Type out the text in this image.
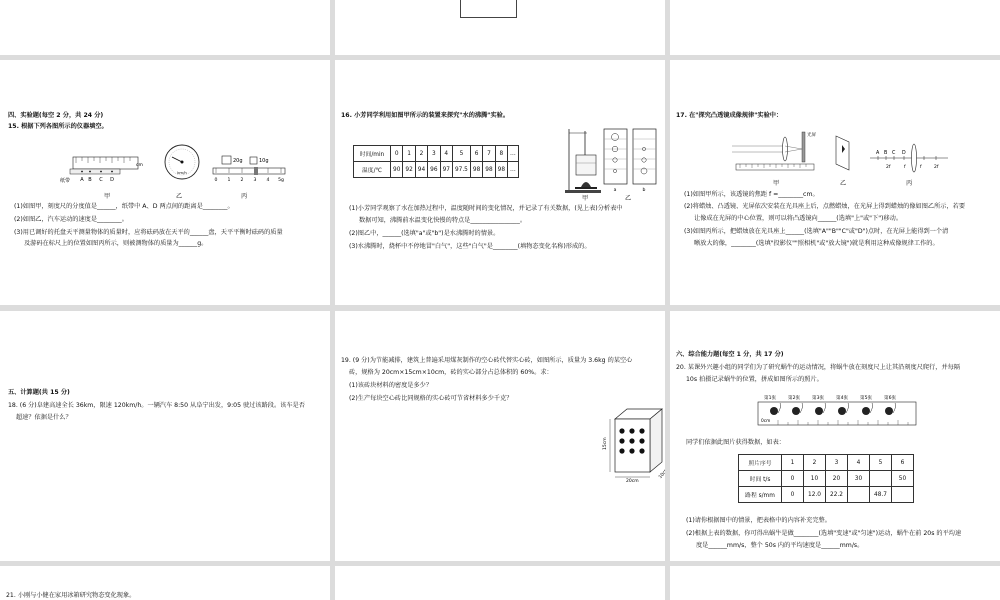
四、实验题(每空 2 分，共 24 分)
15. 根据下列各图所示的仪器填空。
A B C D
纸带
cm
km/h
20g	10g
0 1 2 3 4 5g
甲	乙	丙
(1)如图甲，刻度尺的分度值是______，纸带中 A、D 两点间的距离是________。
(2)如图乙，汽车运动的速度是________。
(3)用已调好的托盘天平测量物体的质量时，应将砝码放在天平的______盘，天平平衡时砝码的质量
及游码在标尺上的位置如图丙所示，则被测物体的质量为______g。
16. 小芳同学利用如图甲所示的装置来探究"水的沸腾"实验。
时间/min	0	1	2	3	4	5	6	7	8	…
温度/℃	90	92	94	96	97	97.5	98	98	98	…
a	b
甲	乙
(1)小芳同学观察了水在加热过程中，温度随时间的变化情况，并记录了有关数据，(见上表)分析表中
数据可知，沸腾前水温变化快慢的特点是________________。
(2)图乙中，______(选填"a"或"b")是水沸腾时的情景。
(3)水沸腾时，烧杯中不停地冒"白气"，这些"白气"是________(填物态变化名称)形成的。
17. 在"探究凸透镜成像规律"实验中：
光屏
A B C D
2f	f	f	2f
甲	乙	丙
(1)如图甲所示，该透镜的焦距 f =________cm。
(2)将蜡烛、凸透镜、光屏依次安装在光具座上后，点燃蜡烛，在光屏上得到蜡烛的像如图乙所示，若要
让像成在光屏的中心位置，则可以将凸透镜向______(选填"上"或"下")移动。
(3)如图丙所示，把蜡烛放在光具座上______(选填"A""B""C"或"D")点时，在光屏上能得到一个清
晰放大的像，________(选填"投影仪""照相机"或"放大镜")就是利用这种成像规律工作的。
五、计算题(共 15 分)
18. (6 分)阜建高速全长 36km，限速 120km/h。一辆汽车 8:50 从阜宁出发，9:05 驶过该路段。该车是否
超速？依据是什么？
19. (9 分)为节能减排，建筑上普遍采用煤灰制作的空心砖代替实心砖，如图所示，质量为 3.6kg 的某空心
砖，规格为 20cm×15cm×10cm，砖的实心部分占总体积的 60%。求：
(1)该砖块材料的密度是多少？
(2)生产每块空心砖比同规格的实心砖可节省材料多少千克？
15cm
20cm
10cm
六、综合能力题(每空 1 分，共 17 分)
20. 某课外兴趣小组的同学们为了研究蜗牛的运动情况，将蜗牛放在刻度尺上让其沿刻度尺爬行，并每隔
10s 拍摄记录蜗牛的位置，拼成如图所示的照片。
第1张	第2张	第3张	第4张	第5张	第6张
0cm
同学们依据此图片获得数据，如表：
照片序号	1	2	3	4	5	6
时间 t/s	0	10	20	30		50
路程 s/mm	0	12.0	22.2		48.7	
(1)请你根据图中的情景，把表格中的内容补充完整。
(2)根据上表的数据，你可得出蜗牛是做________(选填"变速"或"匀速")运动，蜗牛在前 20s 的平均速
度是______mm/s，整个 50s 内的平均速度是______mm/s。
21. 小刚与小健在家用冰箱研究物态变化现象。
